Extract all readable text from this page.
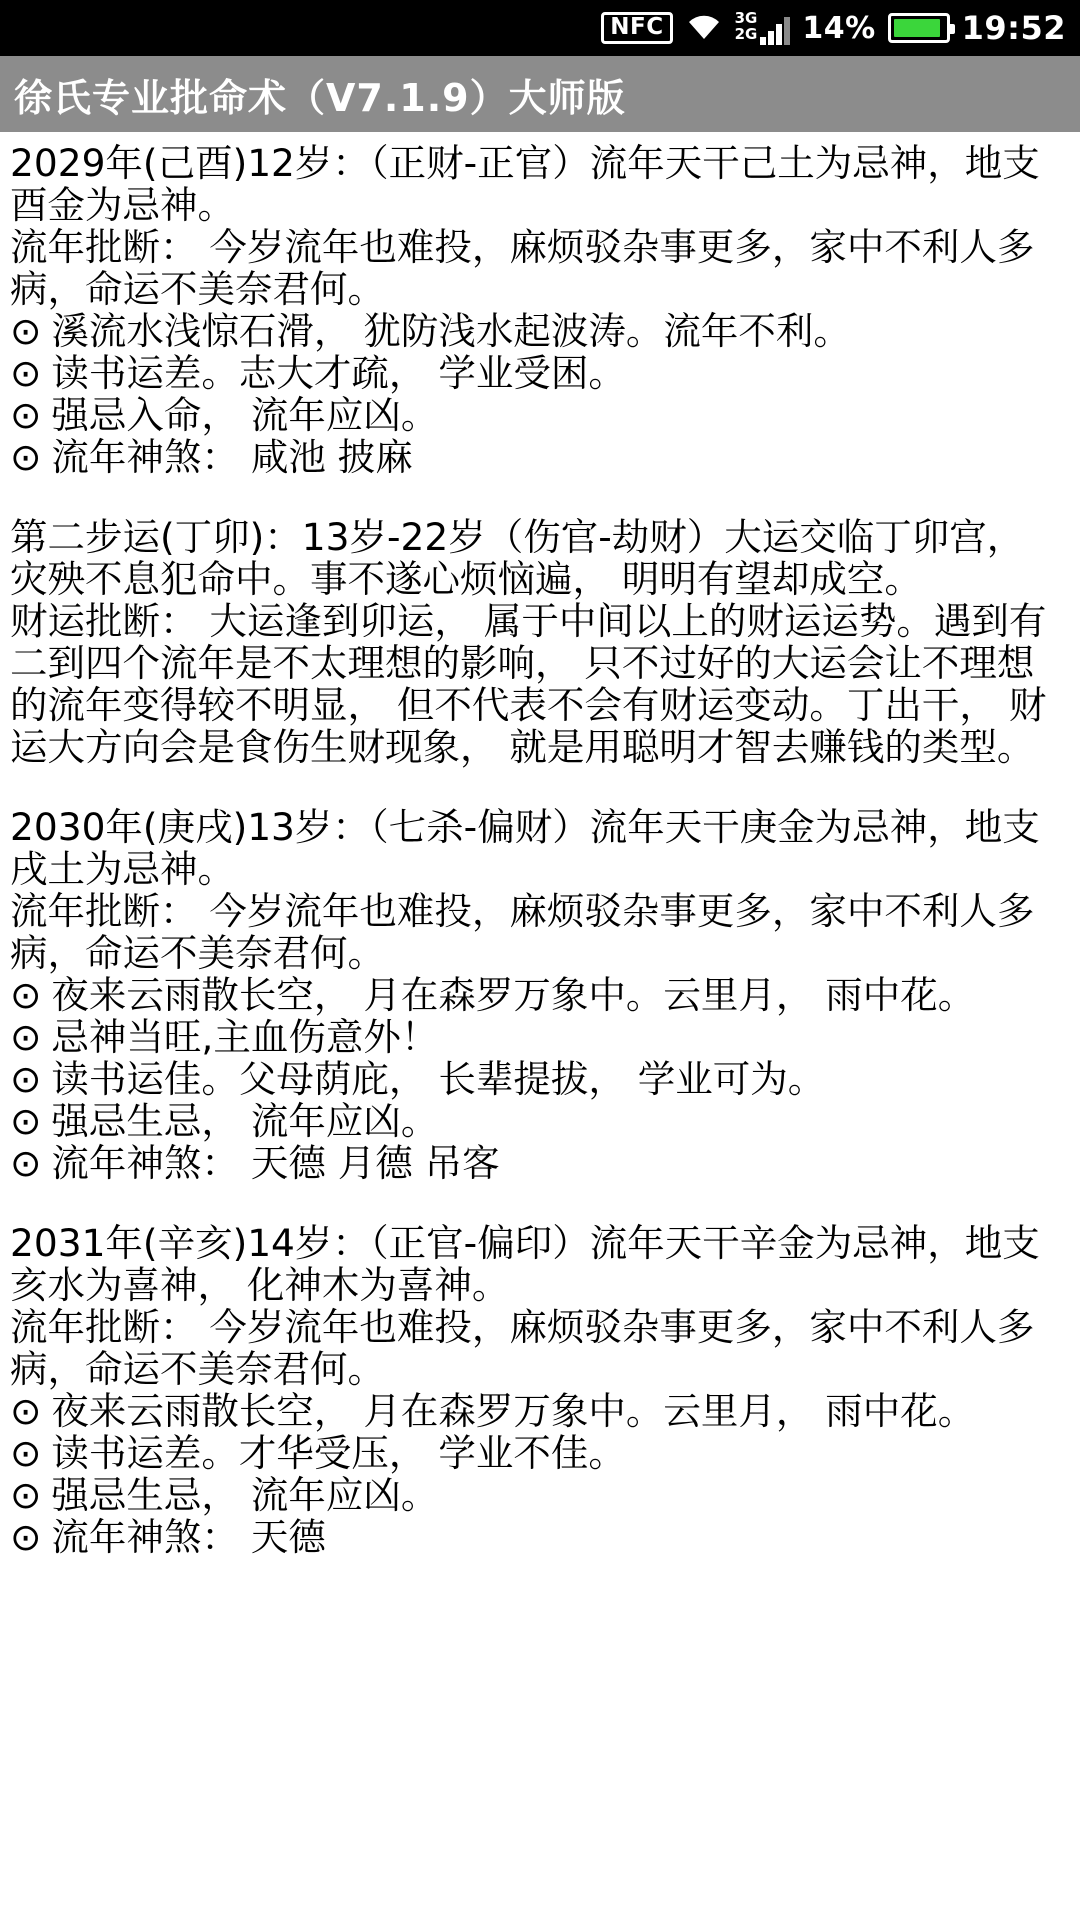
NFC	3G
2G 14%	19:52
徐氏专业批命术（V7.1.9）大师版

2029年(己酉)12岁：（正财-正官）流年天干己土为忌神，地支酉金为忌神。

流年批断： 今岁流年也难投，麻烦驳杂事更多，家中不利人多病，命运不美奈君何。

⊙ 溪流水浅惊石滑， 犹防浅水起波涛。流年不利。
⊙ 读书运差。志大才疏， 学业受困。
⊙ 强忌入命， 流年应凶。
⊙ 流年神煞： 咸池 披麻

第二步运(丁卯)：13岁-22岁（伤官-劫财）大运交临丁卯宫， 灾殃不息犯命中。事不遂心烦恼遍， 明明有望却成空。

财运批断： 大运逢到卯运， 属于中间以上的财运运势。遇到有二到四个流年是不太理想的影响， 只不过好的大运会让不理想的流年变得较不明显， 但不代表不会有财运变动。丁出干， 财运大方向会是食伤生财现象， 就是用聪明才智去赚钱的类型。

2030年(庚戌)13岁：（七杀-偏财）流年天干庚金为忌神，地支戌土为忌神。

流年批断： 今岁流年也难投，麻烦驳杂事更多，家中不利人多病，命运不美奈君何。

⊙ 夜来云雨散长空， 月在森罗万象中。云里月， 雨中花。
⊙ 忌神当旺,主血伤意外！
⊙ 读书运佳。父母荫庇， 长辈提拔， 学业可为。
⊙ 强忌生忌， 流年应凶。
⊙ 流年神煞： 天德 月德 吊客

2031年(辛亥)14岁：（正官-偏印）流年天干辛金为忌神，地支亥水为喜神， 化神木为喜神。

流年批断： 今岁流年也难投，麻烦驳杂事更多，家中不利人多病，命运不美奈君何。

⊙ 夜来云雨散长空， 月在森罗万象中。云里月， 雨中花。
⊙ 读书运差。才华受压， 学业不佳。
⊙ 强忌生忌， 流年应凶。
⊙ 流年神煞： 天德
